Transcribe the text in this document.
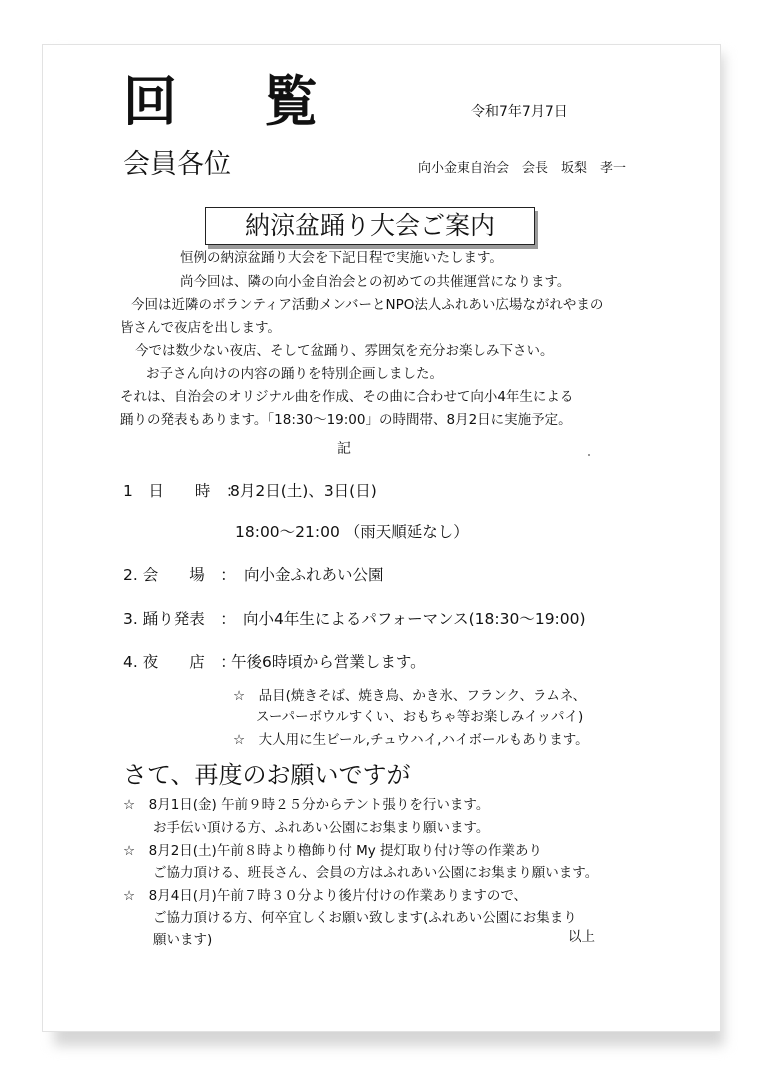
回 覧	令和7年7月7日
会員各位	向小金東自治会　会長　坂梨　孝一
納涼盆踊り大会ご案内
恒例の納涼盆踊り大会を下記日程で実施いたします。
尚今回は、隣の向小金自治会との初めての共催運営になります。
今回は近隣のボランティア活動メンバーとNPO法人ふれあい広場ながれやまの
皆さんで夜店を出します。
今では数少ない夜店、そして盆踊り、雰囲気を充分お楽しみ下さい。
お子さん向けの内容の踊りを特別企画しました。
それは、自治会のオリジナル曲を作成、その曲に合わせて向小4年生による
踊りの発表もあります。「18:30～19:00」の時間帯、8月2日に実施予定。
記
1　日　　時　：
8月2日(土)、3日(日)
18:00～21:00 （雨天順延なし）
2. 会　　場　： 向小金ふれあい公園
3. 踊り発表　： 向小4年生によるパフォーマンス(18:30～19:00)
4. 夜　　店　：
午後6時頃から営業します。
☆　品目(焼きそば、焼き鳥、かき氷、フランク、ラムネ、
スーパーボウルすくい、おもちゃ等お楽しみイッパイ)
☆　大人用に生ビール,チュウハイ,ハイボールもあります。
さて、再度のお願いですが
☆　8月1日(金) 午前９時２５分からテント張りを行います。
お手伝い頂ける方、ふれあい公園にお集まり願います。
☆　8月2日(土)午前８時より櫓飾り付 My 提灯取り付け等の作業あり
ご協力頂ける、班長さん、会員の方はふれあい公園にお集まり願います。
☆　8月4日(月)午前７時３０分より後片付けの作業ありますので、
ご協力頂ける方、何卒宜しくお願い致します(ふれあい公園にお集まり
願います)	以上
